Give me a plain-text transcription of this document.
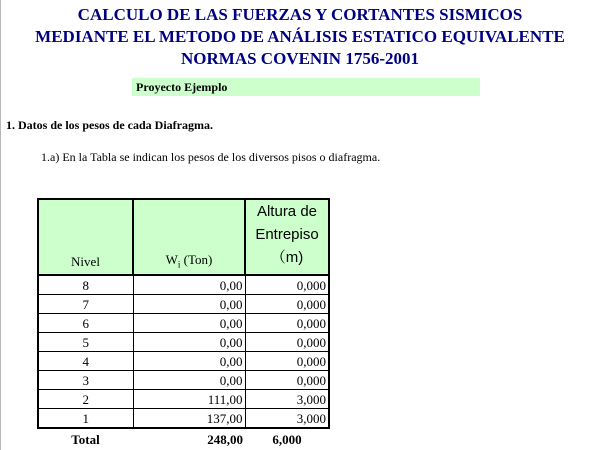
CALCULO DE LAS FUERZAS Y CORTANTES SISMICOS
MEDIANTE EL METODO DE ANÁLISIS ESTATICO EQUIVALENTE
NORMAS COVENIN 1756-2001
Proyecto Ejemplo
1. Datos de los pesos de cada Diafragma.
1.a) En la Tabla se indican los pesos de los diversos pisos o diafragma.
Nivel	$W_i$ (Ton)	Altura de
Entrepiso
（m)

8	0,00	0,000
7	0,00	0,000
6	0,00	0,000
5	0,00	0,000
4	0,00	0,000
3	0,00	0,000
2	111,00	3,000
1	137,00	3,000
Total	248,00	6,000
